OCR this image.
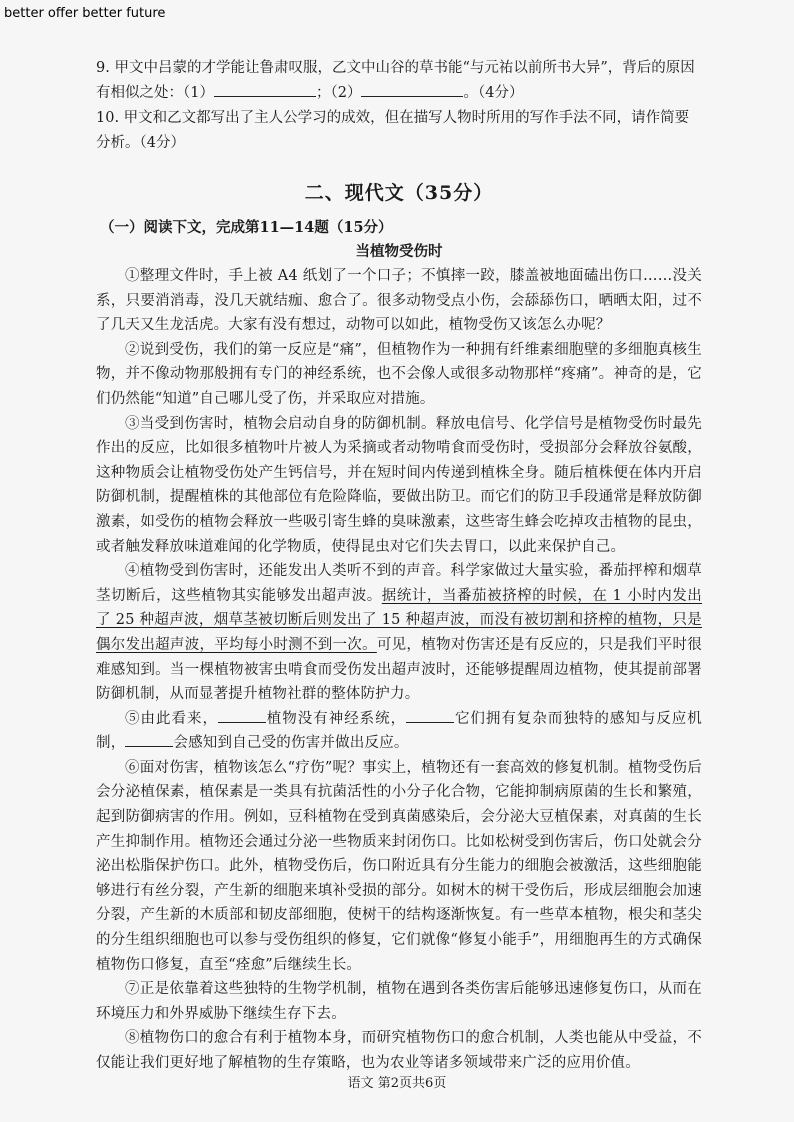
better offer better future
9. 甲文中吕蒙的才学能让鲁肃叹服，乙文中山谷的草书能“与元祐以前所书大异”，背后的原因有相似之处：（1）	；（2）	。（4分）
10. 甲文和乙文都写出了主人公学习的成效，但在描写人物时所用的写作手法不同，请作简要分析。（4分）
二、现代文（35分）
（一）阅读下文，完成第11—14题（15分）
当植物受伤时

①整理文件时，手上被 A4 纸划了一个口子；不慎摔一跤，膝盖被地面磕出伤口……没关系，只要消消毒，没几天就结痂、愈合了。很多动物受点小伤，会舔舔伤口，晒晒太阳，过不了几天又生龙活虎。大家有没有想过，动物可以如此，植物受伤又该怎么办呢？

②说到受伤，我们的第一反应是“痛”，但植物作为一种拥有纤维素细胞壁的多细胞真核生物，并不像动物那般拥有专门的神经系统，也不会像人或很多动物那样“疼痛”。神奇的是，它们仍然能“知道”自己哪儿受了伤，并采取应对措施。

③当受到伤害时，植物会启动自身的防御机制。释放电信号、化学信号是植物受伤时最先作出的反应，比如很多植物叶片被人为采摘或者动物啃食而受伤时，受损部分会释放谷氨酸，这种物质会让植物受伤处产生钙信号，并在短时间内传递到植株全身。随后植株便在体内开启防御机制，提醒植株的其他部位有危险降临，要做出防卫。而它们的防卫手段通常是释放防御激素，如受伤的植物会释放一些吸引寄生蜂的臭味激素，这些寄生蜂会吃掉攻击植物的昆虫，或者触发释放味道难闻的化学物质，使得昆虫对它们失去胃口，以此来保护自己。

④植物受到伤害时，还能发出人类听不到的声音。科学家做过大量实验，番茄抨榨和烟草茎切断后，这些植物其实能够发出超声波。据统计，当番茄被挤榨的时候，在 1 小时内发出了 25 种超声波，烟草茎被切断后则发出了 15 种超声波，而没有被切割和挤榨的植物，只是偶尔发出超声波，平均每小时测不到一次。可见，植物对伤害还是有反应的，只是我们平时很难感知到。当一棵植物被害虫啃食而受伤发出超声波时，还能够提醒周边植物，使其提前部署防御机制，从而显著提升植物社群的整体防护力。

⑤由此看来，	植物没有神经系统，	它们拥有复杂而独特的感知与反应机制，	会感知到自己受的伤害并做出反应。

⑥面对伤害，植物该怎么“疗伤”呢？事实上，植物还有一套高效的修复机制。植物受伤后会分泌植保素，植保素是一类具有抗菌活性的小分子化合物，它能抑制病原菌的生长和繁殖，起到防御病害的作用。例如，豆科植物在受到真菌感染后，会分泌大豆植保素，对真菌的生长产生抑制作用。植物还会通过分泌一些物质来封闭伤口。比如松树受到伤害后，伤口处就会分泌出松脂保护伤口。此外，植物受伤后，伤口附近具有分生能力的细胞会被激活，这些细胞能够进行有丝分裂，产生新的细胞来填补受损的部分。如树木的树干受伤后，形成层细胞会加速分裂，产生新的木质部和韧皮部细胞，使树干的结构逐渐恢复。有一些草本植物，根尖和茎尖的分生组织细胞也可以参与受伤组织的修复，它们就像“修复小能手”，用细胞再生的方式确保植物伤口修复，直至“痊愈”后继续生长。

⑦正是依靠着这些独特的生物学机制，植物在遇到各类伤害后能够迅速修复伤口，从而在环境压力和外界威胁下继续生存下去。

⑧植物伤口的愈合有利于植物本身，而研究植物伤口的愈合机制，人类也能从中受益，不仅能让我们更好地了解植物的生存策略，也为农业等诸多领域带来广泛的应用价值。

语文 第2页共6页
